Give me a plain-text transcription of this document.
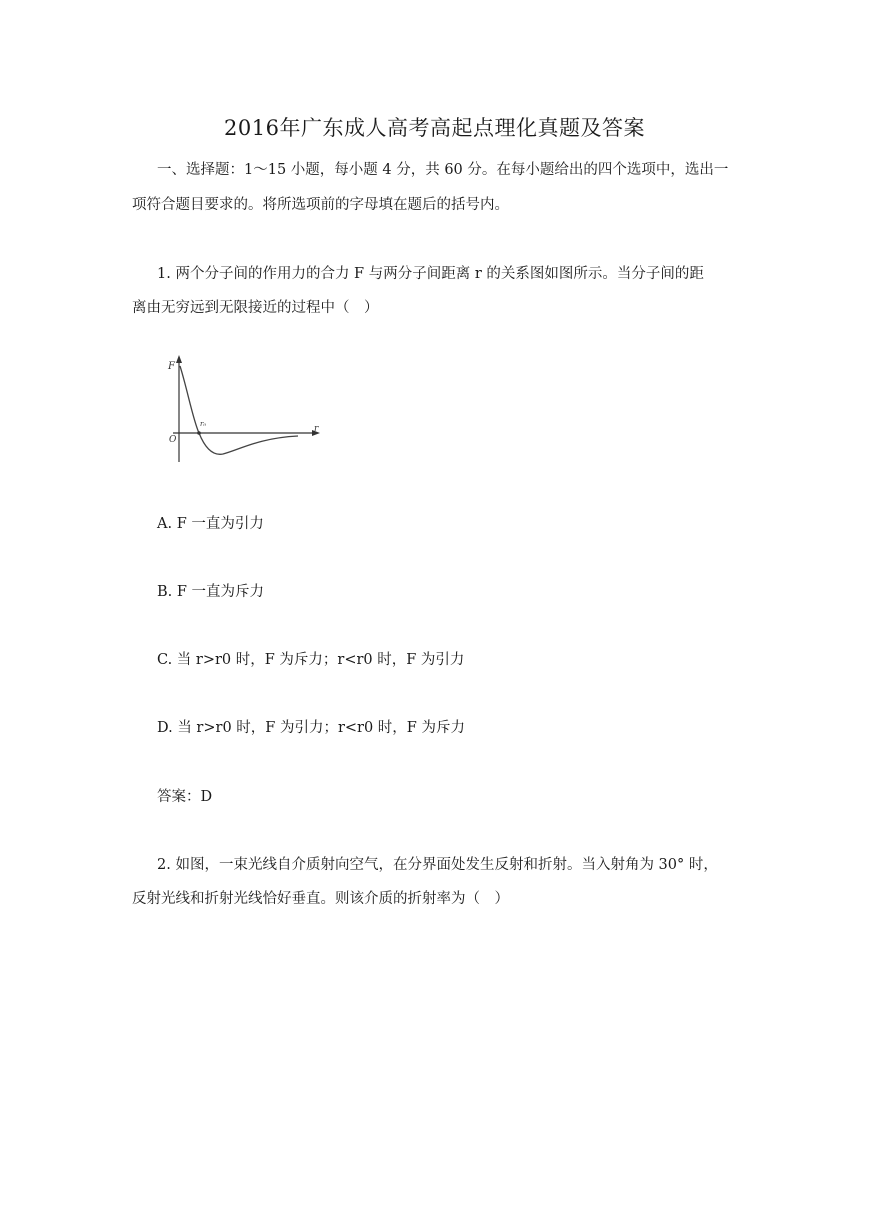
2016年广东成人高考高起点理化真题及答案
一、选择题：1～15 小题，每小题 4 分，共 60 分。在每小题给出的四个选项中，选出一
项符合题目要求的。将所选项前的字母填在题后的括号内。
1. 两个分子间的作用力的合力 F 与两分子间距离 r 的关系图如图所示。当分子间的距
离由无穷远到无限接近的过程中（　）
F
r
O
r₀
A. F 一直为引力
B. F 一直为斥力
C. 当 r>r0 时，F 为斥力；r<r0 时，F 为引力
D. 当 r>r0 时，F 为引力；r<r0 时，F 为斥力
答案：D
2. 如图，一束光线自介质射向空气，在分界面处发生反射和折射。当入射角为 30° 时，
反射光线和折射光线恰好垂直。则该介质的折射率为（　）
